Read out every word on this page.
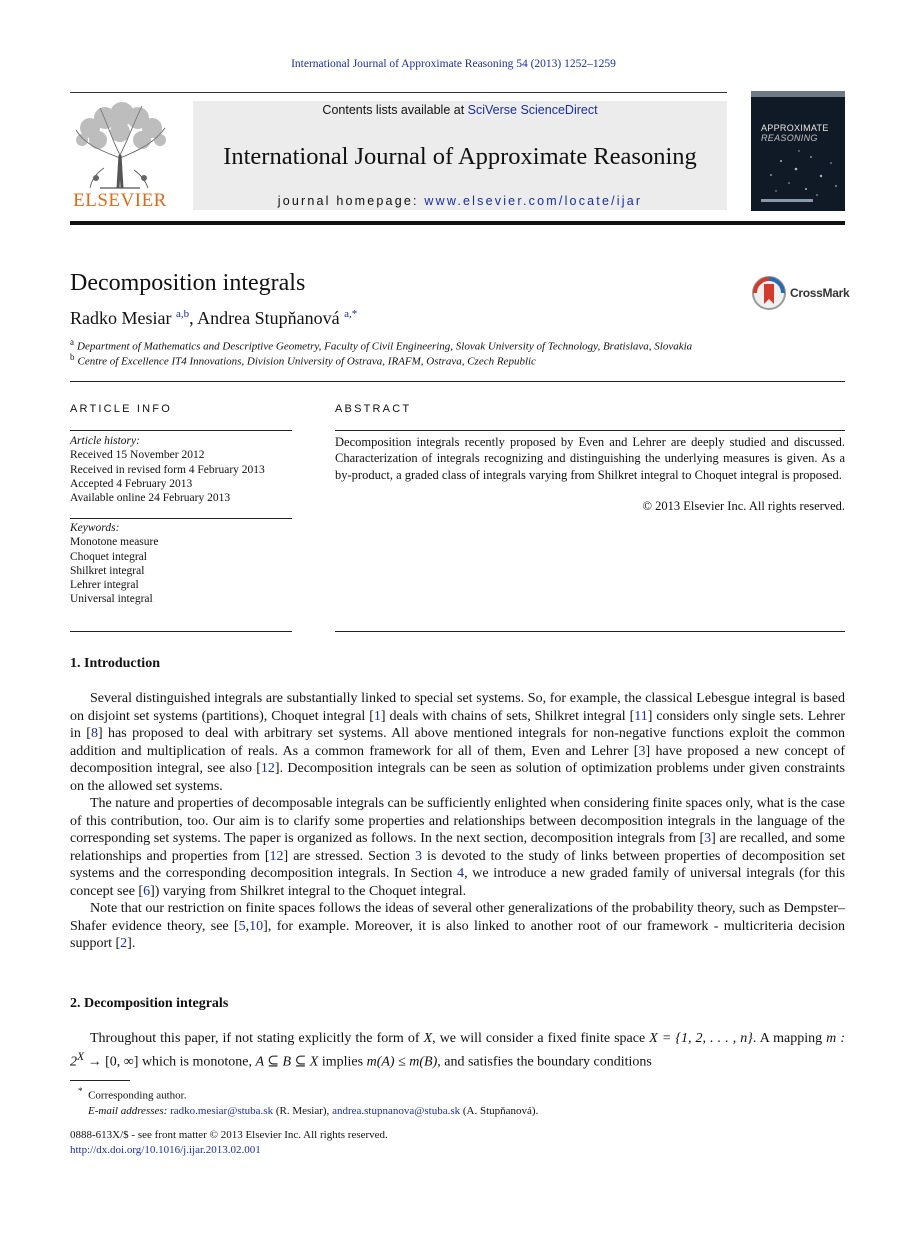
International Journal of Approximate Reasoning 54 (2013) 1252–1259
ELSEVIER
Contents lists available at SciVerse ScienceDirect
International Journal of Approximate Reasoning
journal homepage: www.elsevier.com/locate/ijar
APPROXIMATE
REASONING
Decomposition integrals	CrossMark
Radko Mesiar $^{a,b}$, Andrea Stupňanová $^{a,*}$
$^a$ Department of Mathematics and Descriptive Geometry, Faculty of Civil Engineering, Slovak University of Technology, Bratislava, Slovakia
$^b$ Centre of Excellence IT4 Innovations, Division University of Ostrava, IRAFM, Ostrava, Czech Republic
ARTICLE INFO
Article history:
Received 15 November 2012
Received in revised form 4 February 2013
Accepted 4 February 2013
Available online 24 February 2013
Keywords:
Monotone measure
Choquet integral
Shilkret integral
Lehrer integral
Universal integral
ABSTRACT
Decomposition integrals recently proposed by Even and Lehrer are deeply studied and discussed. Characterization of integrals recognizing and distinguishing the underlying measures is given. As a by-product, a graded class of integrals varying from Shilkret integral to Choquet integral is proposed.
© 2013 Elsevier Inc. All rights reserved.
1. Introduction

Several distinguished integrals are substantially linked to special set systems. So, for example, the classical Lebesgue integral is based on disjoint set systems (partitions), Choquet integral [1] deals with chains of sets, Shilkret integral [11] considers only single sets. Lehrer in [8] has proposed to deal with arbitrary set systems. All above mentioned integrals for non-negative functions exploit the common addition and multiplication of reals. As a common framework for all of them, Even and Lehrer [3] have proposed a new concept of decomposition integral, see also [12]. Decomposition integrals can be seen as solution of optimization problems under given constraints on the allowed set systems.

The nature and properties of decomposable integrals can be sufficiently enlighted when considering finite spaces only, what is the case of this contribution, too. Our aim is to clarify some properties and relationships between decomposition integrals in the language of the corresponding set systems. The paper is organized as follows. In the next section, decomposition integrals from [3] are recalled, and some relationships and properties from [12] are stressed. Section 3 is devoted to the study of links between properties of decomposition set systems and the corresponding decomposition integrals. In Section 4, we introduce a new graded family of universal integrals (for this concept see [6]) varying from Shilkret integral to the Choquet integral.

Note that our restriction on finite spaces follows the ideas of several other generalizations of the probability theory, such as Dempster–Shafer evidence theory, see [5,10], for example. Moreover, it is also linked to another root of our framework - multicriteria decision support [2].

2. Decomposition integrals

Throughout this paper, if not stating explicitly the form of X, we will consider a fixed finite space X = {1, 2, . . . , n}. A mapping m : $2^X \to [0$, ∞] which is monotone, A ⊆ B ⊆ X implies m(A) ≤ m(B), and satisfies the boundary conditions

* Corresponding author.
E-mail addresses: radko.mesiar@stuba.sk (R. Mesiar), andrea.stupnanova@stuba.sk (A. Stupňanová).
0888-613X/$ - see front matter © 2013 Elsevier Inc. All rights reserved.
http://dx.doi.org/10.1016/j.ijar.2013.02.001
